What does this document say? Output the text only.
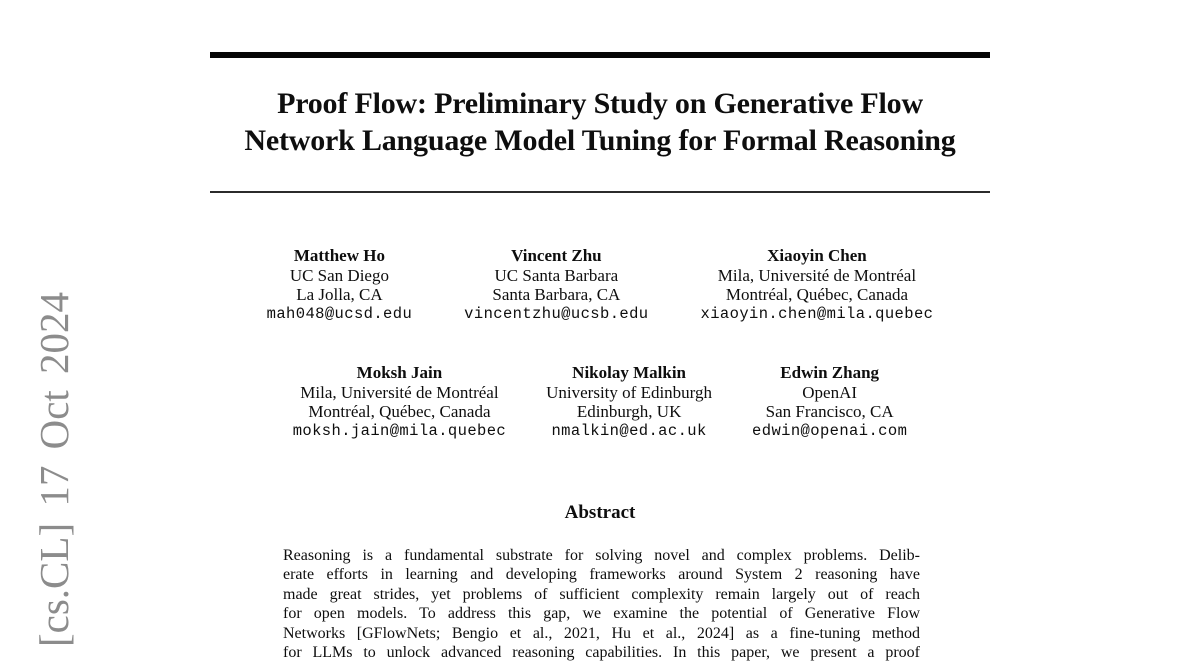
[cs.CL] 17 Oct 2024
Proof Flow: Preliminary Study on Generative Flow
Network Language Model Tuning for Formal Reasoning
Matthew Ho
UC San Diego
La Jolla, CA
mah048@ucsd.edu
Vincent Zhu
UC Santa Barbara
Santa Barbara, CA
vincentzhu@ucsb.edu
Xiaoyin Chen
Mila, Université de Montréal
Montréal, Québec, Canada
xiaoyin.chen@mila.quebec
Moksh Jain
Mila, Université de Montréal
Montréal, Québec, Canada
moksh.jain@mila.quebec
Nikolay Malkin
University of Edinburgh
Edinburgh, UK
nmalkin@ed.ac.uk
Edwin Zhang
OpenAI
San Francisco, CA
edwin@openai.com
Abstract
Reasoning is a fundamental substrate for solving novel and complex problems. Delib-
erate efforts in learning and developing frameworks around System 2 reasoning have
made great strides, yet problems of sufficient complexity remain largely out of reach
for open models. To address this gap, we examine the potential of Generative Flow
Networks [GFlowNets; Bengio et al., 2021, Hu et al., 2024] as a fine-tuning method
for LLMs to unlock advanced reasoning capabilities. In this paper, we present a proof
